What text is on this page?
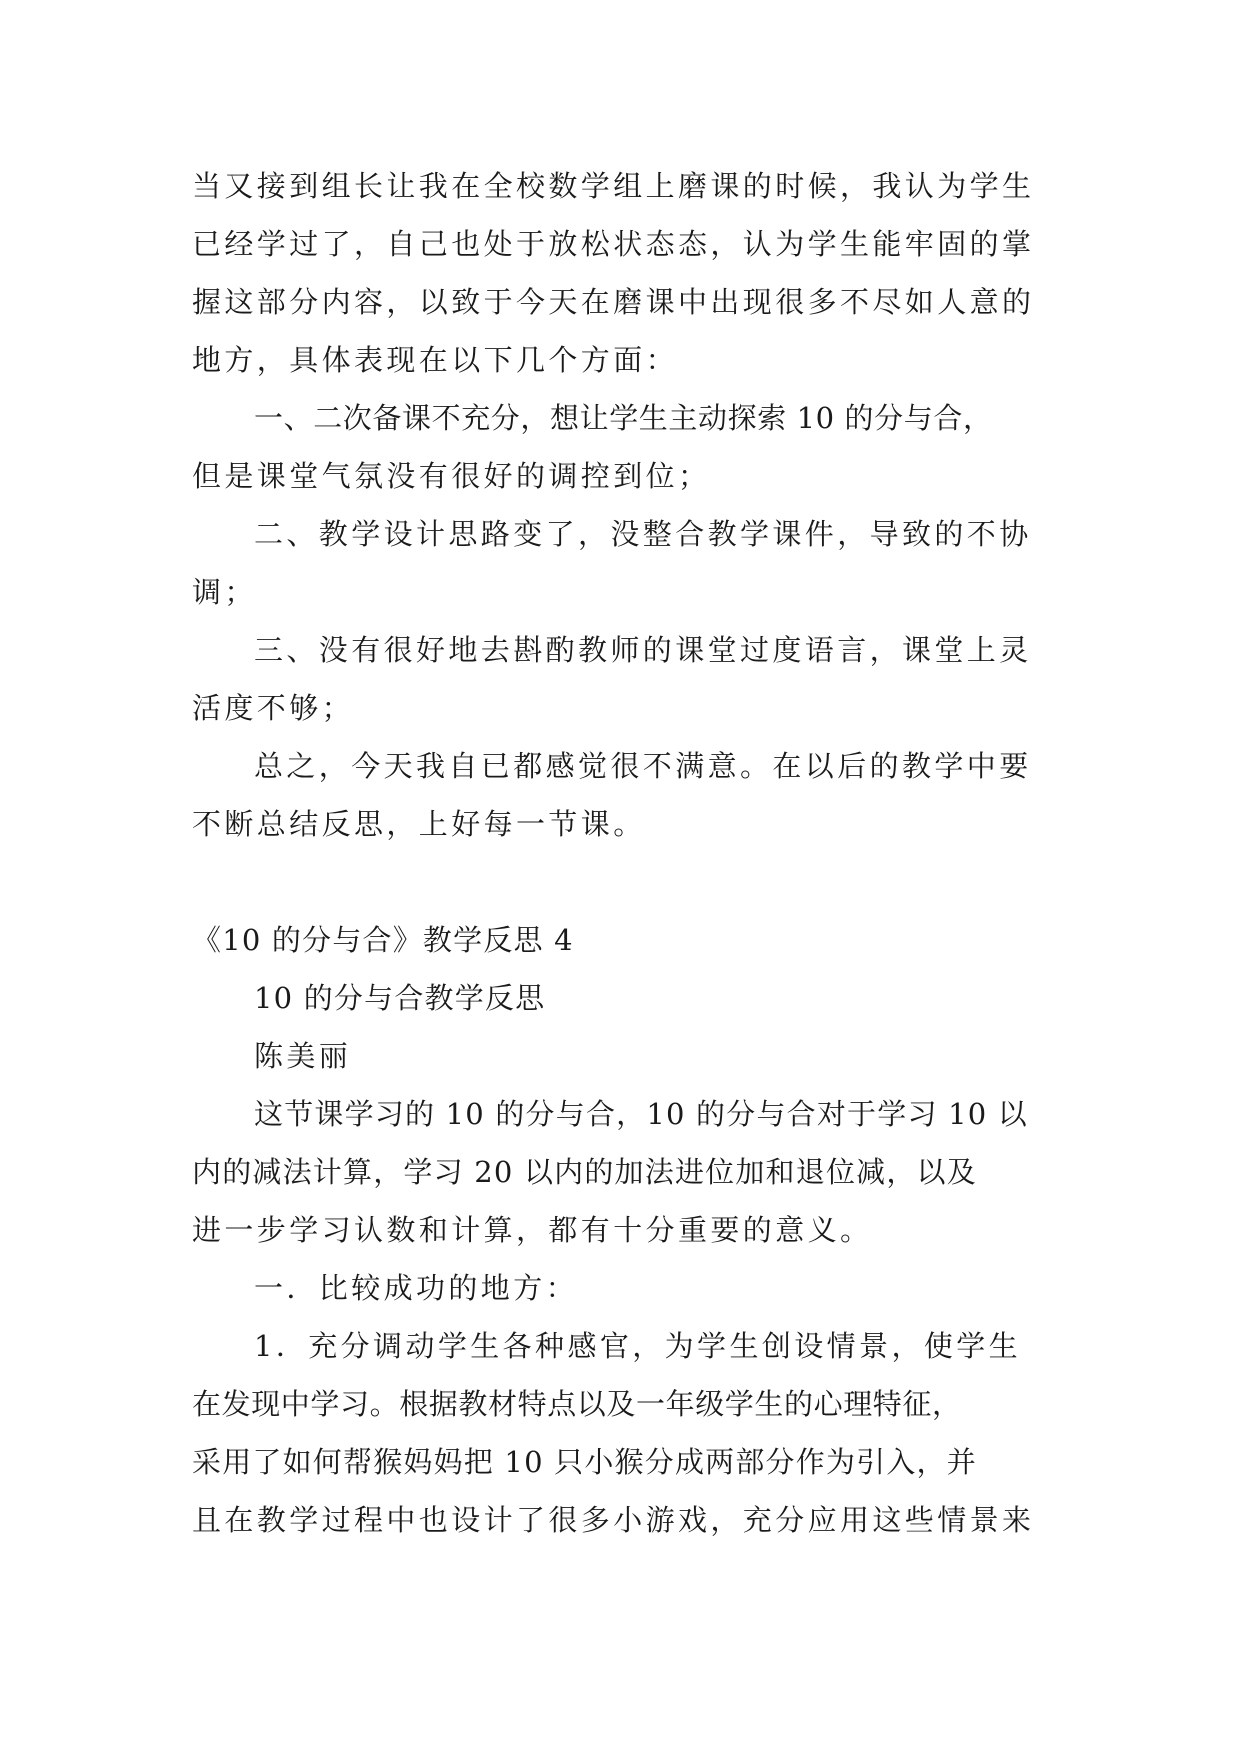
当又接到组长让我在全校数学组上磨课的时候，我认为学生
已经学过了，自己也处于放松状态态，认为学生能牢固的掌
握这部分内容，以致于今天在磨课中出现很多不尽如人意的
地方，具体表现在以下几个方面：
一、二次备课不充分，想让学生主动探索 10 的分与合，
但是课堂气氛没有很好的调控到位；
二、教学设计思路变了，没整合教学课件，导致的不协
调；
三、没有很好地去斟酌教师的课堂过度语言，课堂上灵
活度不够；
总之，今天我自已都感觉很不满意。在以后的教学中要
不断总结反思，上好每一节课。
《10 的分与合》教学反思 4
10 的分与合教学反思
陈美丽
这节课学习的 10 的分与合，10 的分与合对于学习 10 以
内的减法计算，学习 20 以内的加法进位加和退位减，以及
进一步学习认数和计算，都有十分重要的意义。
一．比较成功的地方：
1．充分调动学生各种感官，为学生创设情景，使学生
在发现中学习。根据教材特点以及一年级学生的心理特征，
采用了如何帮猴妈妈把 10 只小猴分成两部分作为引入，并
且在教学过程中也设计了很多小游戏，充分应用这些情景来
